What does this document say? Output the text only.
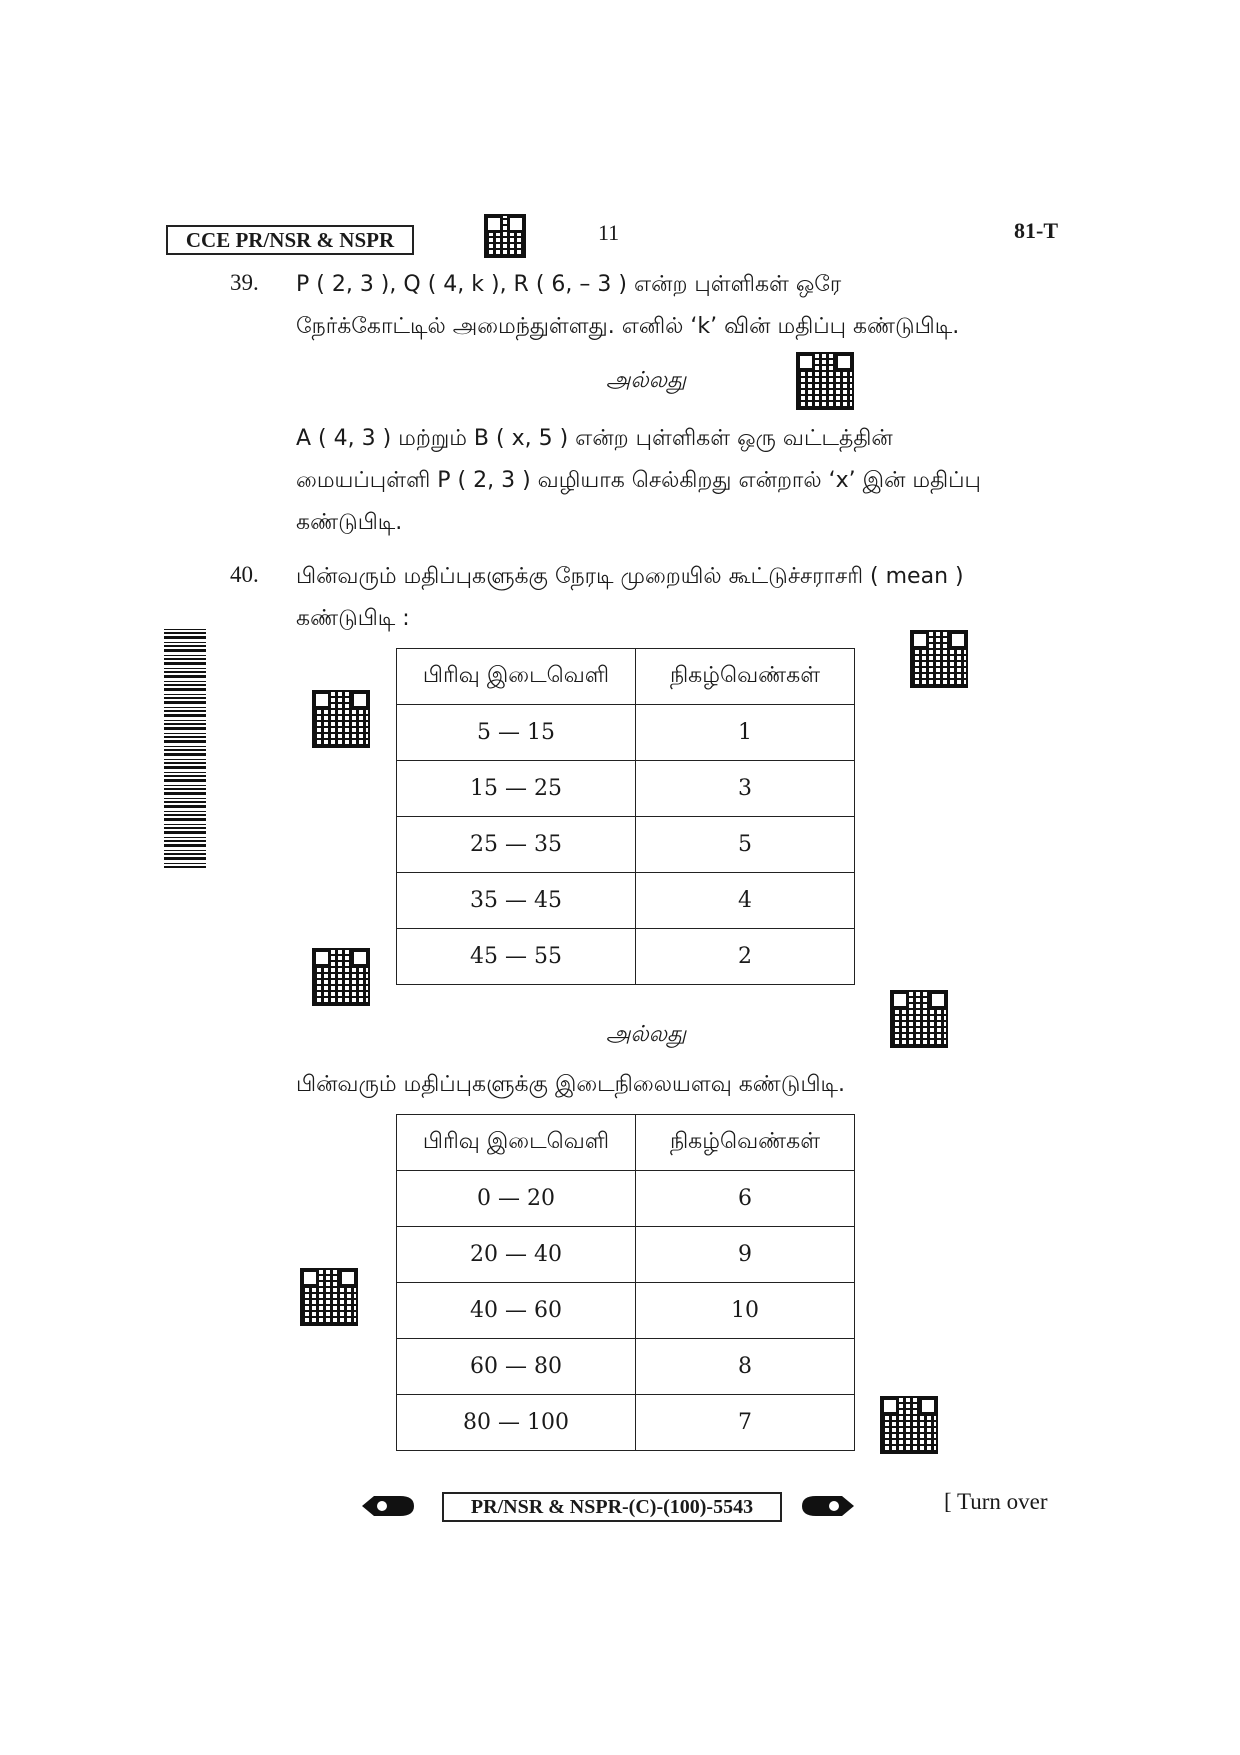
CCE PR/NSR & NSPR	11	81-T
39. P ( 2, 3 ), Q ( 4, k ), R ( 6, – 3 ) என்ற புள்ளிகள் ஒரே
நேர்க்கோட்டில் அமைந்துள்ளது. எனில் ‘k’ வின் மதிப்பு கண்டுபிடி.
அல்லது
A ( 4, 3 ) மற்றும் B ( x, 5 ) என்ற புள்ளிகள் ஒரு வட்டத்தின்
மையப்புள்ளி P ( 2, 3 ) வழியாக செல்கிறது என்றால் ‘x’ இன் மதிப்பு
கண்டுபிடி.
40. பின்வரும் மதிப்புகளுக்கு நேரடி முறையில் கூட்டுச்சராசரி ( mean )
கண்டுபிடி :
பிரிவு இடைவெளி	நிகழ்வெண்கள்
5 — 15	1
15 — 25	3
25 — 35	5
35 — 45	4
45 — 55	2
அல்லது
பின்வரும் மதிப்புகளுக்கு இடைநிலையளவு கண்டுபிடி.
பிரிவு இடைவெளி	நிகழ்வெண்கள்
0 — 20	6
20 — 40	9
40 — 60	10
60 — 80	8
80 — 100	7
PR/NSR & NSPR-(C)-(100)-5543	[ Turn over
